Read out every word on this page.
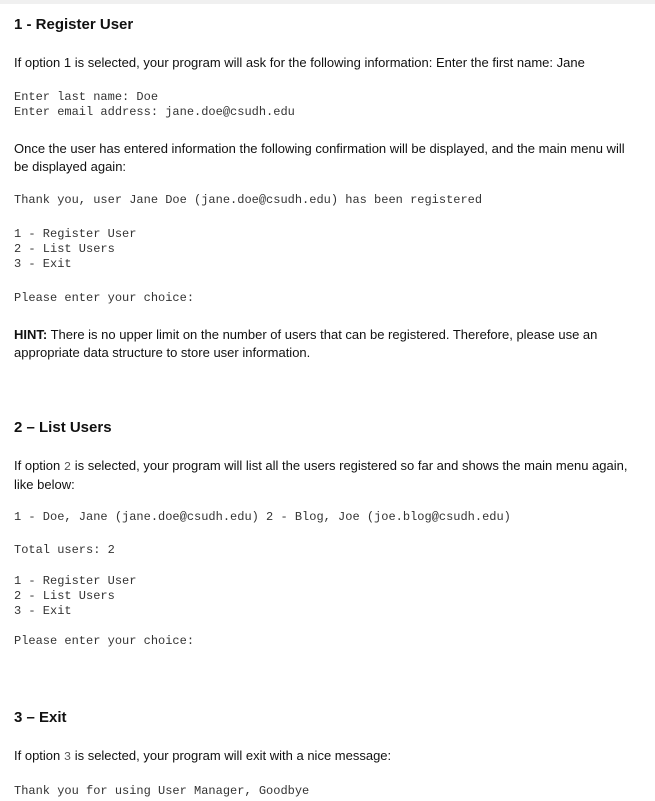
1 - Register User
If option 1 is selected, your program will ask for the following information: Enter the first name: Jane
Enter last name: Doe
Enter email address: jane.doe@csudh.edu
Once the user has entered information the following confirmation will be displayed, and the main menu will be displayed again:
Thank you, user Jane Doe (jane.doe@csudh.edu) has been registered
1 - Register User
2 - List Users
3 - Exit
Please enter your choice:
HINT: There is no upper limit on the number of users that can be registered. Therefore, please use an appropriate data structure to store user information.
2 – List Users
If option 2 is selected, your program will list all the users registered so far and shows the main menu again, like below:
1 - Doe, Jane (jane.doe@csudh.edu) 2 - Blog, Joe (joe.blog@csudh.edu)
Total users: 2
1 - Register User
2 - List Users
3 - Exit
Please enter your choice:
3 – Exit
If option 3 is selected, your program will exit with a nice message:
Thank you for using User Manager, Goodbye
